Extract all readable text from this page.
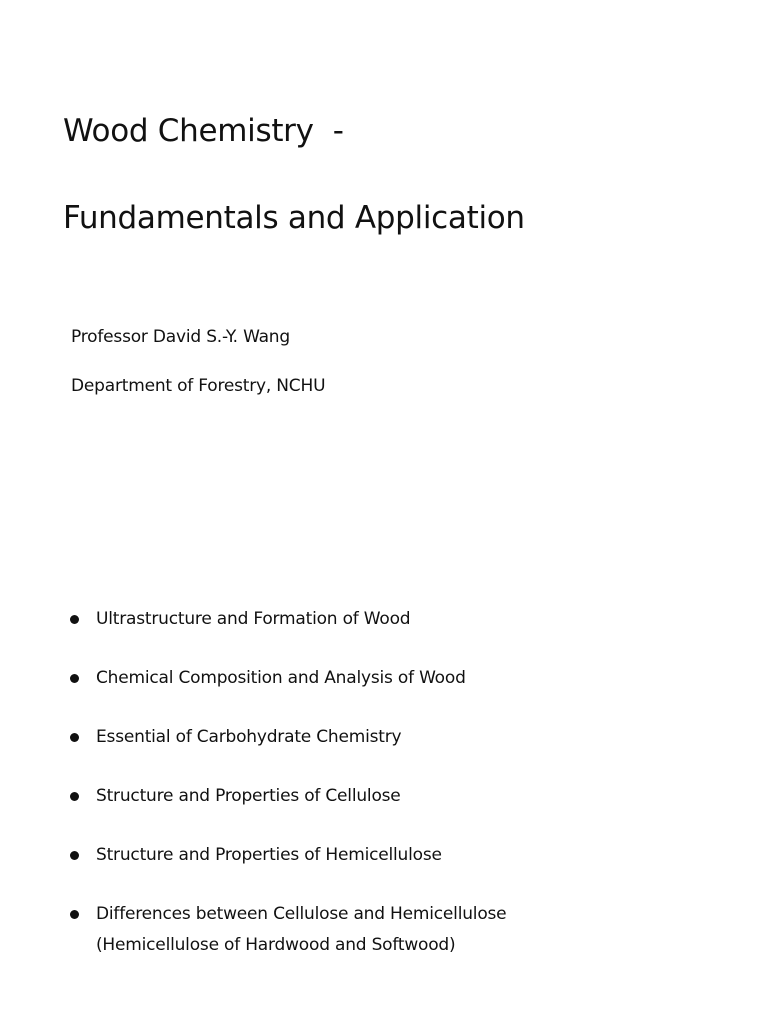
Wood Chemistry  -
Fundamentals and Application

Professor David S.-Y. Wang

Department of Forestry, NCHU

Ultrastructure and Formation of Wood
Chemical Composition and Analysis of Wood
Essential of Carbohydrate Chemistry
Structure and Properties of Cellulose
Structure and Properties of Hemicellulose
Differences between Cellulose and Hemicellulose
(Hemicellulose of Hardwood and Softwood)
